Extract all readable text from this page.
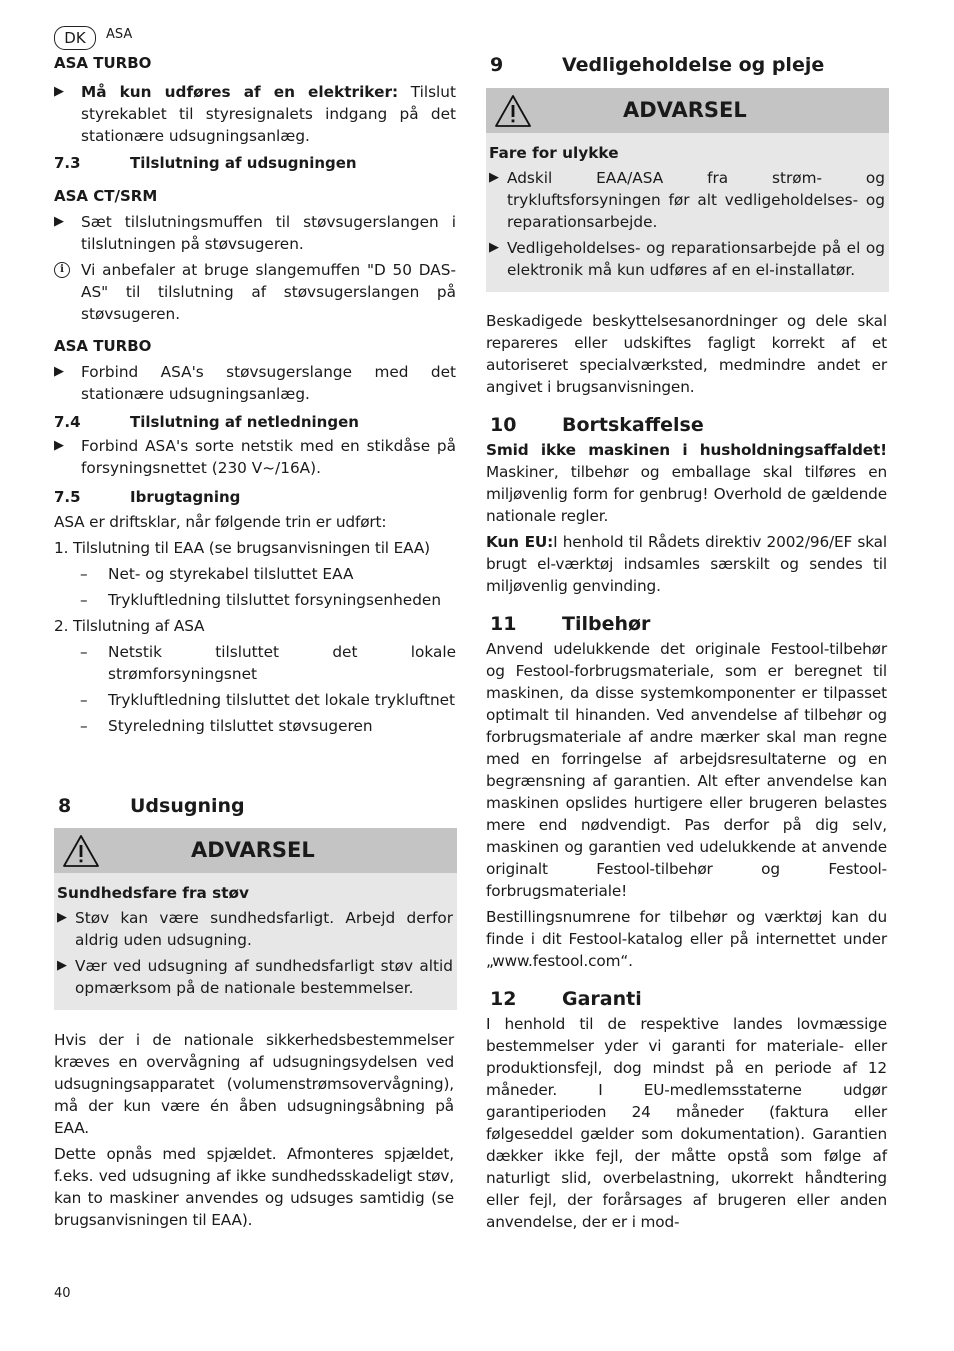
DK	ASA
ASA TURBO
▶ Må kun udføres af en elektriker: Tilslut styrekablet til styresignalets indgang på det stationære udsugningsanlæg.
7.3	Tilslutning af udsugningen
ASA CT/SRM
▶ Sæt tilslutningsmuffen til støvsugerslangen i tilslutningen på støvsugeren.
i	Vi anbefaler at bruge slangemuffen "D 50 DAS-AS" til tilslutning af støvsugerslangen på støvsugeren.
ASA TURBO
▶ Forbind ASA's støvsugerslange med det stationære udsugningsanlæg.
7.4	Tilslutning af netledningen
▶ Forbind ASA's sorte netstik med en stikdåse på forsyningsnettet (230 V~/16A).
7.5	Ibrugtagning

ASA er driftsklar, når følgende trin er udført:

1. Tilslutning til EAA (se brugsanvisningen til EAA)

– Net- og styrekabel tilsluttet EAA
– Trykluftledning tilsluttet forsyningsenheden

2. Tilslutning af ASA

– Netstik tilsluttet det lokale strømforsyningsnet
– Trykluftledning tilsluttet det lokale trykluftnet
– Styreledning tilsluttet støvsugeren
8	Udsugning
ADVARSEL
Sundhedsfare fra støv
▶ Støv kan være sundhedsfarligt. Arbejd derfor aldrig uden udsugning.
▶ Vær ved udsugning af sundhedsfarligt støv altid opmærksom på de nationale bestemmelser.

Hvis der i de nationale sikkerhedsbestemmelser kræves en overvågning af udsugningsydelsen ved udsugningsapparatet (volumenstrømsovervågning), må der kun være én åben udsugningsåbning på EAA.

Dette opnås med spjældet. Afmonteres spjældet, f.eks. ved udsugning af ikke sundhedsskadeligt støv, kan to maskiner anvendes og udsuges samtidig (se brugsanvisningen til EAA).

9	Vedligeholdelse og pleje
ADVARSEL
Fare for ulykke
▶ Adskil EAA/ASA fra strøm- og trykluftsforsyningen før alt vedligeholdelses- og reparationsarbejde.
▶ Vedligeholdelses- og reparationsarbejde på el og elektronik må kun udføres af en el-installatør.

Beskadigede beskyttelsesanordninger og dele skal repareres eller udskiftes fagligt korrekt af et autoriseret specialværksted, medmindre andet er angivet i brugsanvisningen.

10 Bortskaffelse

Smid ikke maskinen i husholdningsaffaldet! Maskiner, tilbehør og emballage skal tilføres en miljøvenlig form for genbrug! Overhold de gældende nationale regler.

Kun EU:I henhold til Rådets direktiv 2002/96/EF skal brugt el-værktøj indsamles særskilt og sendes til miljøvenlig genvinding.

11 Tilbehør

Anvend udelukkende det originale Festool-tilbehør og Festool-forbrugsmateriale, som er beregnet til maskinen, da disse systemkomponenter er tilpasset optimalt til hinanden. Ved anvendelse af tilbehør og forbrugsmateriale af andre mærker skal man regne med en forringelse af arbejdsresultaterne og en begrænsning af garantien. Alt efter anvendelse kan maskinen opslides hurtigere eller brugeren belastes mere end nødvendigt. Pas derfor på dig selv, maskinen og garantien ved udelukkende at anvende originalt Festool-tilbehør og Festool-forbrugsmateriale!

Bestillingsnumrene for tilbehør og værktøj kan du finde i dit Festool-katalog eller på internettet under „www.festool.com“.

12 Garanti

I henhold til de respektive landes lovmæssige bestemmelser yder vi garanti for materiale- eller produktionsfejl, dog mindst på en periode af 12 måneder. I EU-medlemsstaterne udgør garantiperioden 24 måneder (faktura eller følgeseddel gælder som dokumentation). Garantien dækker ikke fejl, der måtte opstå som følge af naturligt slid, overbelastning, ukorrekt håndtering eller fejl, der forårsages af brugeren eller anden anvendelse, der er i mod-

40
